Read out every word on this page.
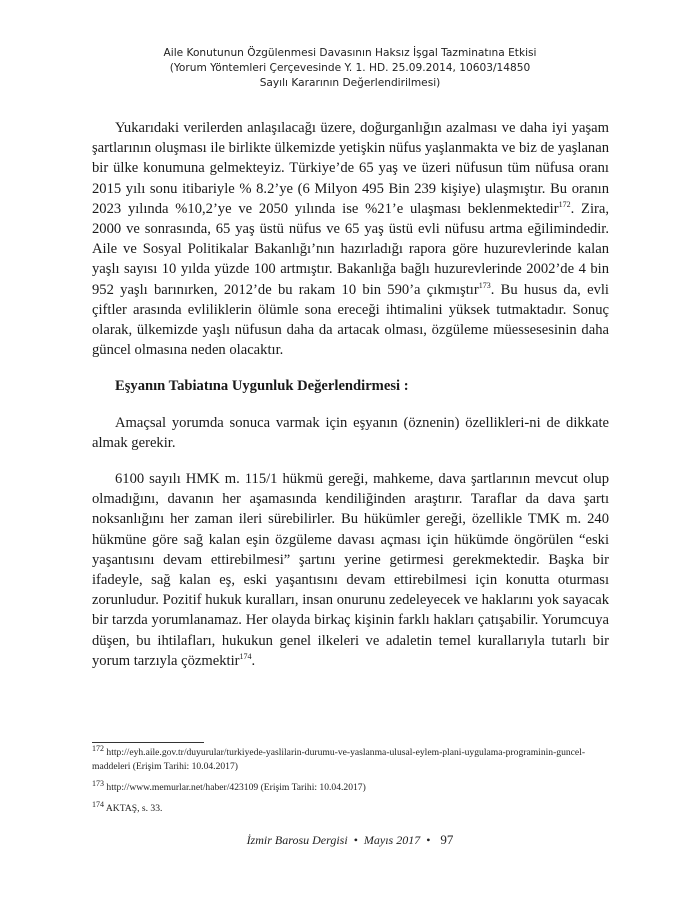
Aile Konutunun Özgülenmesi Davasının Haksız İşgal Tazminatına Etkisi
(Yorum Yöntemleri Çerçevesinde Y. 1. HD. 25.09.2014, 10603/14850
Sayılı Kararının Değerlendirilmesi)

Yukarıdaki verilerden anlaşılacağı üzere, doğurganlığın azalması ve daha iyi yaşam şartlarının oluşması ile birlikte ülkemizde yetişkin nüfus yaşlanmakta ve biz de yaşlanan bir ülke konumuna gelmekteyiz. Türkiye’de 65 yaş ve üzeri nüfusun tüm nüfusa oranı 2015 yılı sonu itibariyle % 8.2’ye (6 Milyon 495 Bin 239 kişiye) ulaşmıştır. Bu oranın 2023 yılında %10,2’ye ve 2050 yılında ise %21’e ulaşması beklenmektedir$^{172}$. Zira, 2000 ve sonrasında, 65 yaş üstü nüfus ve 65 yaş üstü evli nüfusu artma eğilimindedir. Aile ve Sosyal Politikalar Bakanlığı’nın hazırladığı rapora göre huzurevlerinde kalan yaşlı sayısı 10 yılda yüzde 100 artmıştır. Bakanlığa bağlı huzurevlerinde 2002’de 4 bin 952 yaşlı barınırken, 2012’de bu rakam 10 bin 590’a çıkmıştır$^{173}$. Bu husus da, evli çiftler arasında evliliklerin ölümle sona ereceği ihtimalini yüksek tutmaktadır. Sonuç olarak, ülkemizde yaşlı nüfusun daha da artacak olması, özgüleme müessesesinin daha güncel olmasına neden olacaktır.

Eşyanın Tabiatına Uygunluk Değerlendirmesi :

Amaçsal yorumda sonuca varmak için eşyanın (öznenin) özellikleri-ni de dikkate almak gerekir.

6100 sayılı HMK m. 115/1 hükmü gereği, mahkeme, dava şartlarının mevcut olup olmadığını, davanın her aşamasında kendiliğinden araştırır. Taraflar da dava şartı noksanlığını her zaman ileri sürebilirler. Bu hükümler gereği, özellikle TMK m. 240 hükmüne göre sağ kalan eşin özgüleme davası açması için hükümde öngörülen “eski yaşantısını devam ettirebilmesi” şartını yerine getirmesi gerekmektedir. Başka bir ifadeyle, sağ kalan eş, eski yaşantısını devam ettirebilmesi için konutta oturması zorunludur. Pozitif hukuk kuralları, insan onurunu zedeleyecek ve haklarını yok sayacak bir tarzda yorumlanamaz. Her olayda birkaç kişinin farklı hakları çatışabilir. Yorumcuya düşen, bu ihtilafları, hukukun genel ilkeleri ve adaletin temel kurallarıyla tutarlı bir yorum tarzıyla çözmektir$^{174}$.

$^{172}$ http://eyh.aile.gov.tr/duyurular/turkiyede-yaslilarin-durumu-ve-yaslanma-ulusal-eylem-plani-uygulama-programinin-guncel-maddeleri (Erişim Tarihi: 10.04.2017)
$^{173}$ http://www.memurlar.net/haber/423109 (Erişim Tarihi: 10.04.2017)
$^{174}$ AKTAŞ, s. 33.
İzmir Barosu Dergisi • Mayıs 2017 • 97
